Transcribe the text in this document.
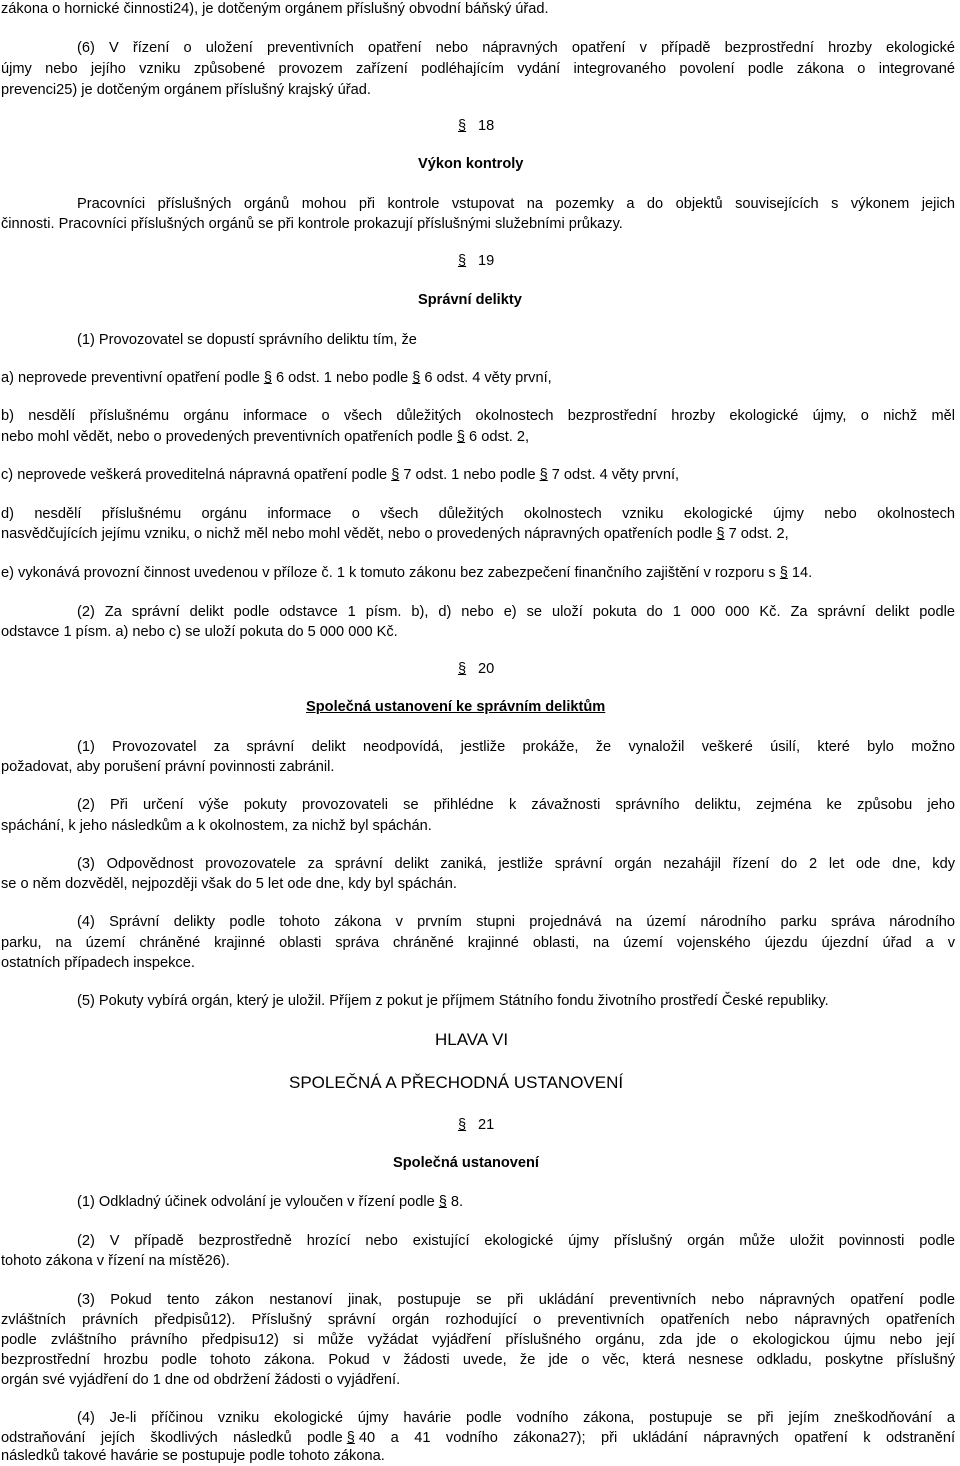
zákona o hornické činnosti24), je dotčeným orgánem příslušný obvodní báňský úřad.
(6) V řízení o uložení preventivních opatření nebo nápravných opatření v případě bezprostřední hrozby ekologické
újmy nebo jejího vzniku způsobené provozem zařízení podléhajícím vydání integrovaného povolení podle zákona o integrované
prevenci25) je dotčeným orgánem příslušný krajský úřad.
§ 18
Výkon kontroly
Pracovníci příslušných orgánů mohou při kontrole vstupovat na pozemky a do objektů souvisejících s výkonem jejich
činnosti. Pracovníci příslušných orgánů se při kontrole prokazují příslušnými služebními průkazy.
§ 19
Správní delikty
(1) Provozovatel se dopustí správního deliktu tím, že
a) neprovede preventivní opatření podle § 6 odst. 1 nebo podle § 6 odst. 4 věty první,
b) nesdělí příslušnému orgánu informace o všech důležitých okolnostech bezprostřední hrozby ekologické újmy, o nichž měl
nebo mohl vědět, nebo o provedených preventivních opatřeních podle § 6 odst. 2,
c) neprovede veškerá proveditelná nápravná opatření podle § 7 odst. 1 nebo podle § 7 odst. 4 věty první,
d) nesdělí příslušnému orgánu informace o všech důležitých okolnostech vzniku ekologické újmy nebo okolnostech
nasvědčujících jejímu vzniku, o nichž měl nebo mohl vědět, nebo o provedených nápravných opatřeních podle § 7 odst. 2,
e) vykonává provozní činnost uvedenou v příloze č. 1 k tomuto zákonu bez zabezpečení finančního zajištění v rozporu s § 14.
(2) Za správní delikt podle odstavce 1 písm. b), d) nebo e) se uloží pokuta do 1 000 000 Kč. Za správní delikt podle
odstavce 1 písm. a) nebo c) se uloží pokuta do 5 000 000 Kč.
§ 20
Společná ustanovení ke správním deliktům
(1) Provozovatel za správní delikt neodpovídá, jestliže prokáže, že vynaložil veškeré úsilí, které bylo možno
požadovat, aby porušení právní povinnosti zabránil.
(2) Při určení výše pokuty provozovateli se přihlédne k závažnosti správního deliktu, zejména ke způsobu jeho
spáchání, k jeho následkům a k okolnostem, za nichž byl spáchán.
(3) Odpovědnost provozovatele za správní delikt zaniká, jestliže správní orgán nezahájil řízení do 2 let ode dne, kdy
se o něm dozvěděl, nejpozději však do 5 let ode dne, kdy byl spáchán.
(4) Správní delikty podle tohoto zákona v prvním stupni projednává na území národního parku správa národního
parku, na území chráněné krajinné oblasti správa chráněné krajinné oblasti, na území vojenského újezdu újezdní úřad a v
ostatních případech inspekce.
(5) Pokuty vybírá orgán, který je uložil. Příjem z pokut je příjmem Státního fondu životního prostředí České republiky.
HLAVA VI
SPOLEČNÁ A PŘECHODNÁ USTANOVENÍ
§ 21
Společná ustanovení
(1) Odkladný účinek odvolání je vyloučen v řízení podle § 8.
(2) V případě bezprostředně hrozící nebo existující ekologické újmy příslušný orgán může uložit povinnosti podle
tohoto zákona v řízení na místě26).
(3) Pokud tento zákon nestanoví jinak, postupuje se při ukládání preventivních nebo nápravných opatření podle
zvláštních právních předpisů12). Příslušný správní orgán rozhodující o preventivních opatřeních nebo nápravných opatřeních
podle zvláštního právního předpisu12) si může vyžádat vyjádření příslušného orgánu, zda jde o ekologickou újmu nebo její
bezprostřední hrozbu podle tohoto zákona. Pokud v žádosti uvede, že jde o věc, která nesnese odkladu, poskytne příslušný
orgán své vyjádření do 1 dne od obdržení žádosti o vyjádření.
(4) Je-li příčinou vzniku ekologické újmy havárie podle vodního zákona, postupuje se při jejím zneškodňování a
odstraňování jejích škodlivých následků podle § 40 a 41 vodního zákona27); při ukládání nápravných opatření k odstranění
následků takové havárie se postupuje podle tohoto zákona.
